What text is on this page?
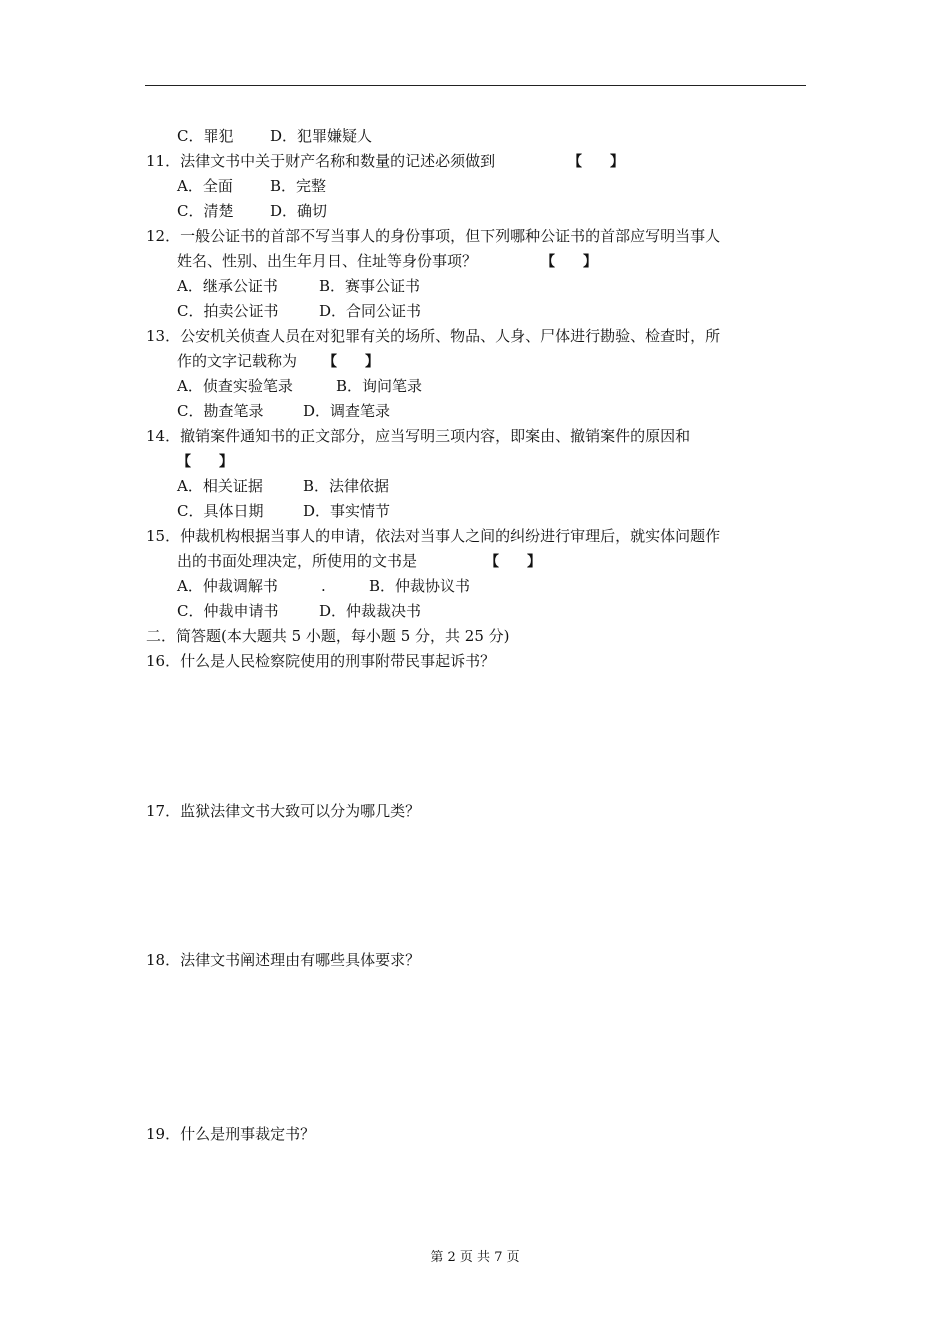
C．罪犯 D．犯罪嫌疑人
11．法律文书中关于财产名称和数量的记述必须做到	【　　】
A．全面 B．完整
C．清楚 D．确切
12．一般公证书的首部不写当事人的身份事项，但下列哪种公证书的首部应写明当事人
姓名、性别、出生年月日、住址等身份事项？	【　　】
A．继承公证书	B．赛事公证书
C．拍卖公证书	D．合同公证书
13．公安机关侦查人员在对犯罪有关的场所、物品、人身、尸体进行勘验、检查时，所
作的文字记载称为 【　　】
A．侦查实验笔录	B．询问笔录
C．勘查笔录	D．调查笔录
14．撤销案件通知书的正文部分，应当写明三项内容，即案由、撤销案件的原因和
【　　】
A．相关证据	B．法律依据
C．具体日期	D．事实情节
15．仲裁机构根据当事人的申请，依法对当事人之间的纠纷进行审理后，就实体问题作
出的书面处理决定，所使用的文书是	【　　】
A．仲裁调解书	.	B．仲裁协议书
C．仲裁申请书	D．仲裁裁决书
二．简答题(本大题共 5 小题，每小题 5 分，共 25 分)
16．什么是人民检察院使用的刑事附带民事起诉书？
17．监狱法律文书大致可以分为哪几类？
18．法律文书阐述理由有哪些具体要求？
19．什么是刑事裁定书？
第 2 页 共 7 页
